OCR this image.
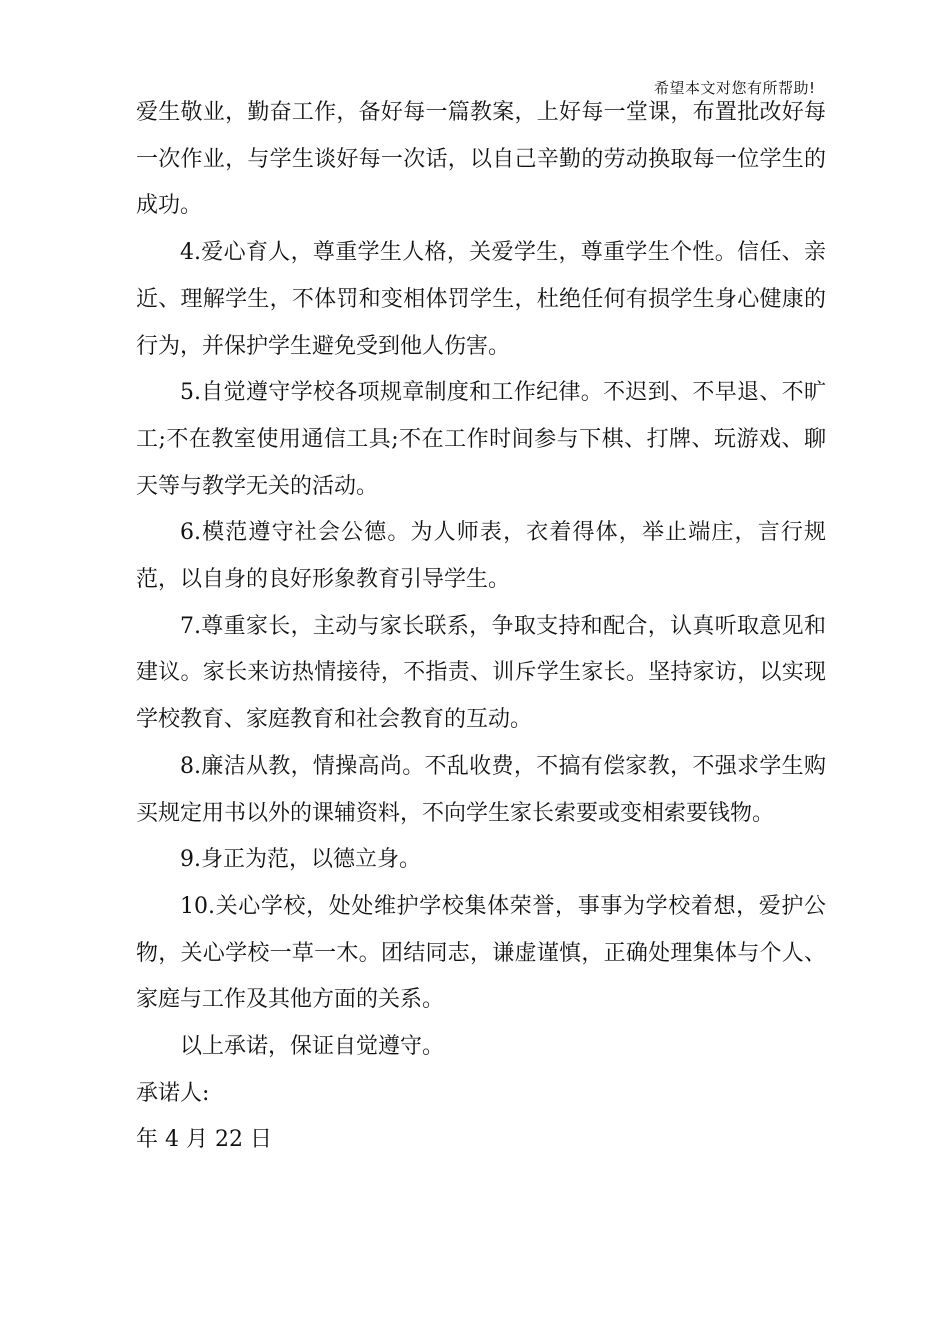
希望本文对您有所帮助!

爱生敬业，勤奋工作，备好每一篇教案，上好每一堂课，布置批改好每一次作业，与学生谈好每一次话，以自己辛勤的劳动换取每一位学生的成功。

4.爱心育人，尊重学生人格，关爱学生，尊重学生个性。信任、亲近、理解学生，不体罚和变相体罚学生，杜绝任何有损学生身心健康的行为，并保护学生避免受到他人伤害。

5.自觉遵守学校各项规章制度和工作纪律。不迟到、不早退、不旷工;不在教室使用通信工具;不在工作时间参与下棋、打牌、玩游戏、聊天等与教学无关的活动。

6.模范遵守社会公德。为人师表，衣着得体，举止端庄，言行规范，以自身的良好形象教育引导学生。

7.尊重家长，主动与家长联系，争取支持和配合，认真听取意见和建议。家长来访热情接待，不指责、训斥学生家长。坚持家访，以实现学校教育、家庭教育和社会教育的互动。

8.廉洁从教，情操高尚。不乱收费，不搞有偿家教，不强求学生购买规定用书以外的课辅资料，不向学生家长索要或变相索要钱物。

9.身正为范，以德立身。

10.关心学校，处处维护学校集体荣誉，事事为学校着想，爱护公物，关心学校一草一木。团结同志，谦虚谨慎，正确处理集体与个人、家庭与工作及其他方面的关系。

以上承诺，保证自觉遵守。

承诺人:

年 4 月 22 日
